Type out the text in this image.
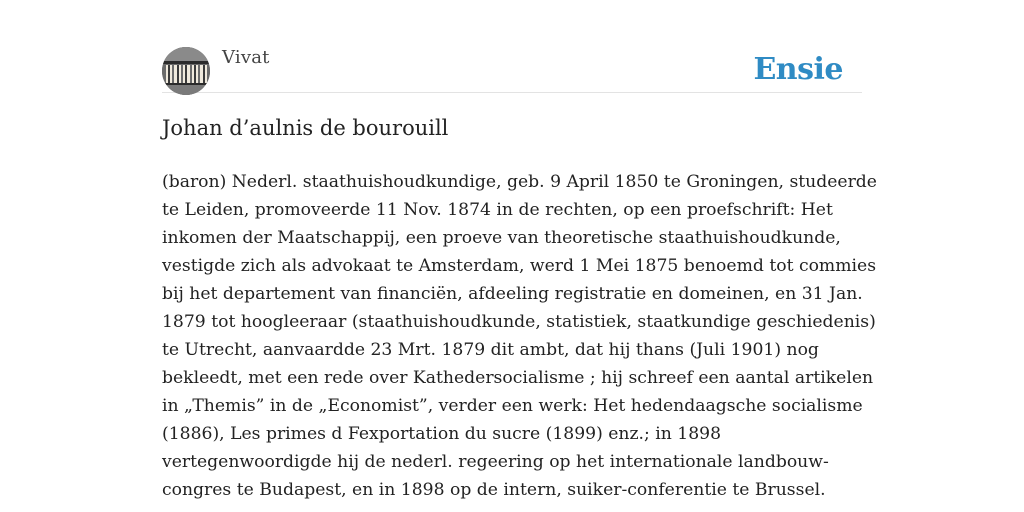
Vivat	Ensie
Johan d’aulnis de bourouill
(baron) Nederl. staathuishoudkundige, geb. 9 April 1850 te Groningen, studeerde
te Leiden, promoveerde 11 Nov. 1874 in de rechten, op een proefschrift: Het
inkomen der Maatschappij, een proeve van theoretische staathuishoudkunde,
vestigde zich als advokaat te Amsterdam, werd 1 Mei 1875 benoemd tot commies
bij het departement van financiën, afdeeling registratie en domeinen, en 31 Jan.
1879 tot hoogleeraar (staathuishoudkunde, statistiek, staatkundige geschiedenis)
te Utrecht, aanvaardde 23 Mrt. 1879 dit ambt, dat hij thans (Juli 1901) nog
bekleedt, met een rede over Kathedersocialisme ; hij schreef een aantal artikelen
in „Themis” in de „Economist”, verder een werk: Het hedendaagsche socialisme
(1886), Les primes d Fexportation du sucre (1899) enz.; in 1898
vertegenwoordigde hij de nederl. regeering op het internationale landbouw-
congres te Budapest, en in 1898 op de intern, suiker-conferentie te Brussel.
